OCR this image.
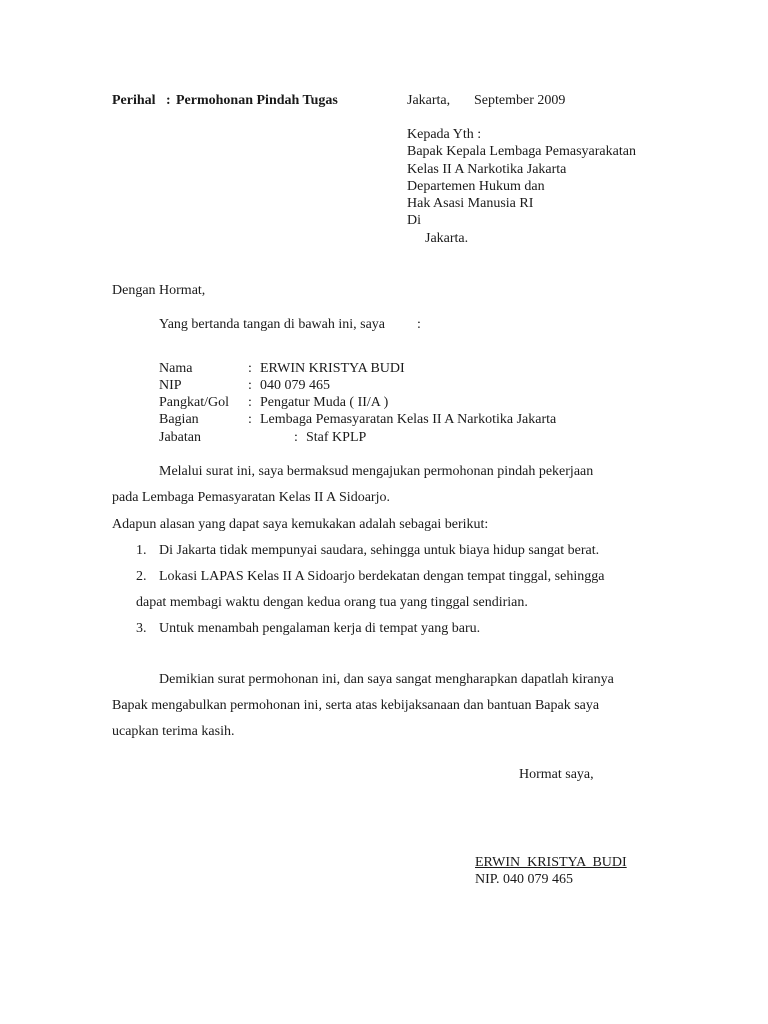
Perihal : Permohonan Pindah Tugas	Jakarta, September 2009
Kepada Yth :
Bapak Kepala Lembaga Pemasyarakatan
Kelas II A Narkotika Jakarta
Departemen Hukum dan
Hak Asasi Manusia RI
Di
Jakarta.
Dengan Hormat,
Yang bertanda tangan di bawah ini, saya :
Nama	: ERWIN KRISTYA BUDI
NIP	: 040 079 465
Pangkat/Gol : Pengatur Muda ( II/A )
Bagian	: Lembaga Pemasyaratan Kelas II A Narkotika Jakarta
Jabatan	: Staf KPLP
Melalui surat ini, saya bermaksud mengajukan permohonan pindah pekerjaan
pada Lembaga Pemasyaratan Kelas II A Sidoarjo.
Adapun alasan yang dapat saya kemukakan adalah sebagai berikut:
1. Di Jakarta tidak mempunyai saudara, sehingga untuk biaya hidup sangat berat.
2. Lokasi LAPAS Kelas II A Sidoarjo berdekatan dengan tempat tinggal, sehingga
dapat membagi waktu dengan kedua orang tua yang tinggal sendirian.
3. Untuk menambah pengalaman kerja di tempat yang baru.
Demikian surat permohonan ini, dan saya sangat mengharapkan dapatlah kiranya
Bapak mengabulkan permohonan ini, serta atas kebijaksanaan dan bantuan Bapak saya
ucapkan terima kasih.
Hormat saya,
ERWIN  KRISTYA  BUDI
NIP. 040 079 465
